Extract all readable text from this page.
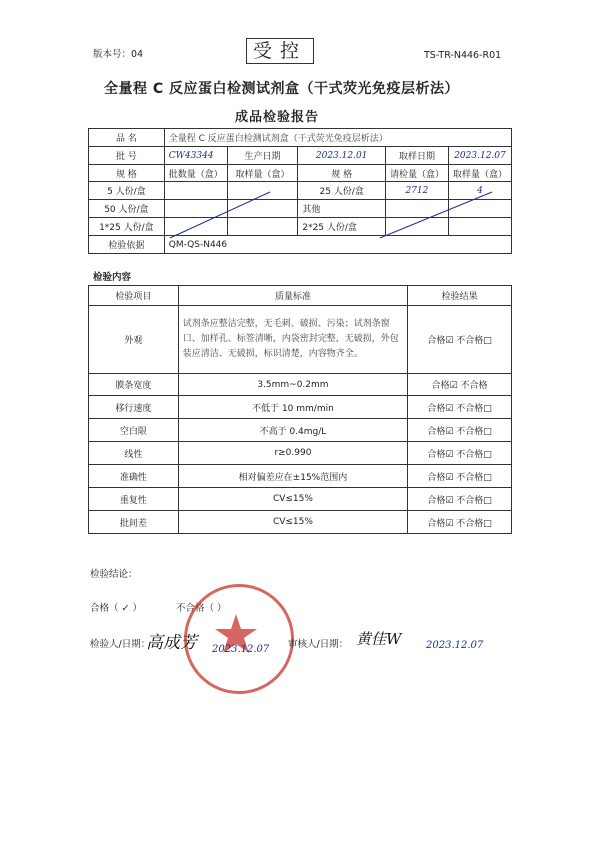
版本号：04	受控	TS-TR-N446-R01
全量程 C 反应蛋白检测试剂盒（干式荧光免疫层析法）
成品检验报告
品 名	全量程 C 反应蛋白检测试剂盒（干式荧光免疫层析法）				
批 号	CW43344	生产日期	2023.12.01	取样日期	2023.12.07
规 格	批数量（盒）	取样量（盒）	规 格	请检量（盒）	取样量（盒）
5 人份/盒			25 人份/盒	2712	4
50 人份/盒			其他		
1*25 人份/盒			2*25 人份/盒		
检验依据	QM-QS-N446				
检验内容
检验项目	质量标准	检验结果
外观	试剂条应整洁完整，无毛刺、破损、污染；试剂条窗口、加样孔、标签清晰，内袋密封完整，无破损，外包装应清洁、无破损，标识清楚，内容物齐全。	合格☑ 不合格□
膜条宽度	3.5mm~0.2mm	合格☑ 不合格
移行速度	不低于 10 mm/min	合格☑ 不合格□
空白限	不高于 0.4mg/L	合格☑ 不合格□
线性	r≥0.990	合格☑ 不合格□
准确性	相对偏差应在±15%范围内	合格☑ 不合格□
重复性	CV≤15%	合格☑ 不合格□
批间差	CV≤15%	合格☑ 不合格□
检验结论：
合格（ ✓ ）	不合格（ ）
检验人/日期：
高成芳 2023.12.07 审核人/日期： 黄佳W 2023.12.07
